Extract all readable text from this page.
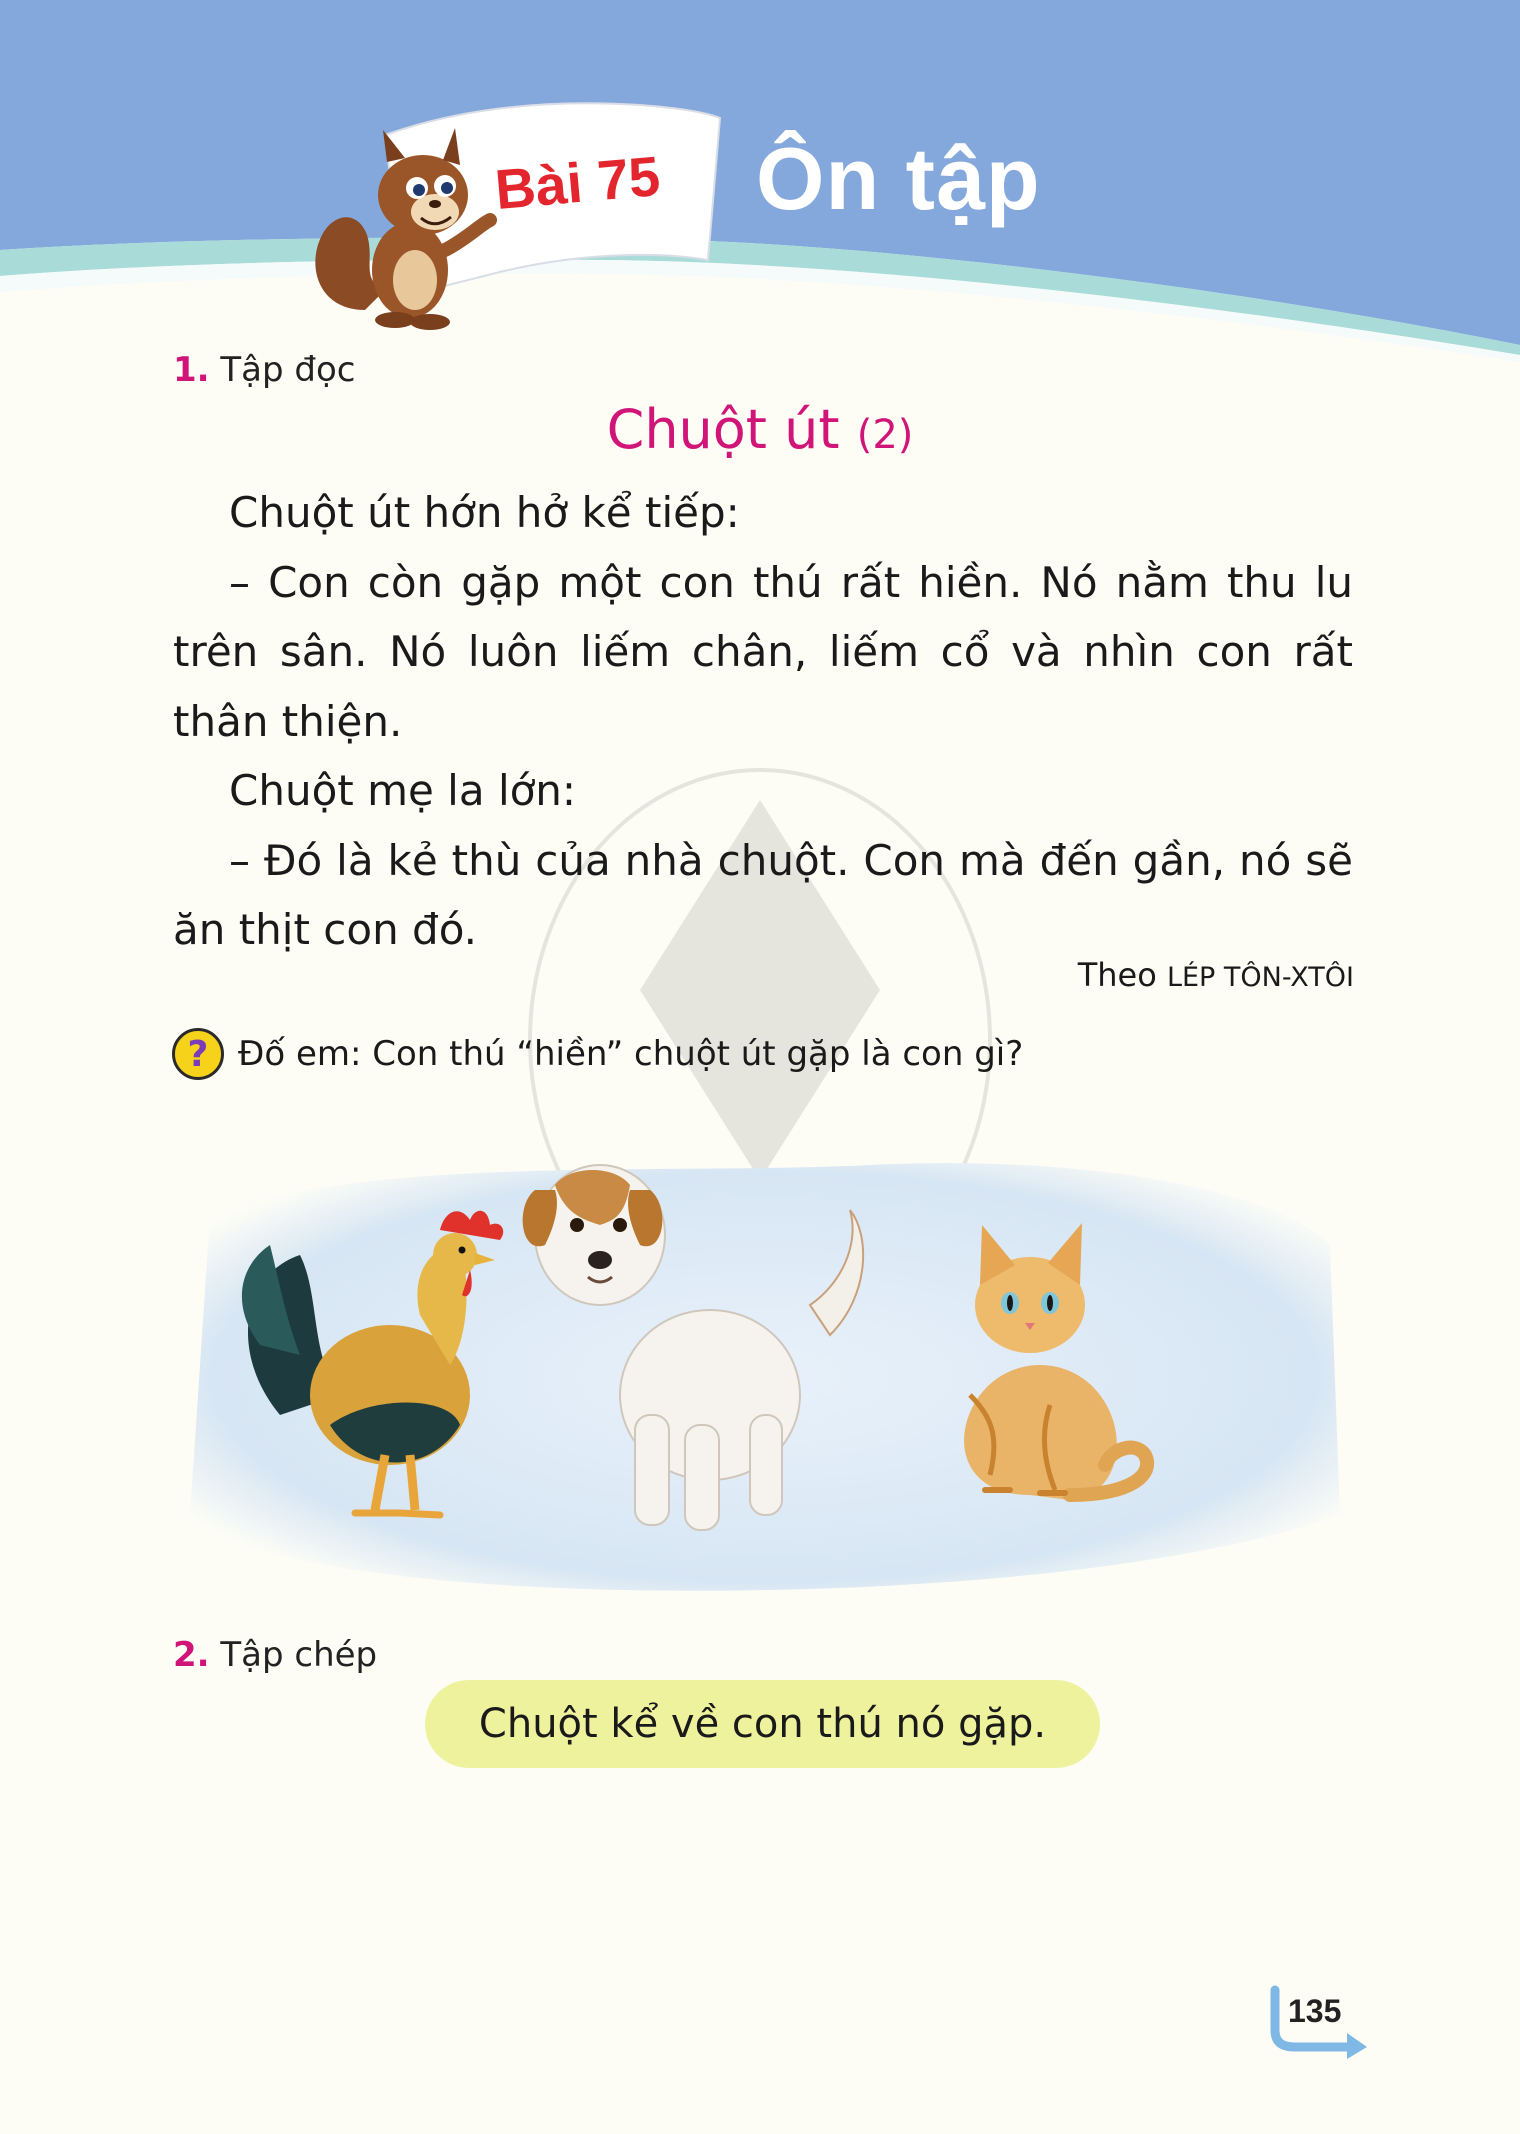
Bài 75 Ôn tập
1. Tập đọc
Chuột út (2)

Chuột út hớn hở kể tiếp:

– Con còn gặp một con thú rất hiền. Nó nằm thu lu trên sân. Nó luôn liếm chân, liếm cổ và nhìn con rất thân thiện.

Chuột mẹ la lớn:

– Đó là kẻ thù của nhà chuột. Con mà đến gần, nó sẽ ăn thịt con đó.

Theo LÉP TÔN-XTÔI
? Đố em: Con thú “hiền” chuột út gặp là con gì?
2. Tập chép
Chuột kể về con thú nó gặp.
135
